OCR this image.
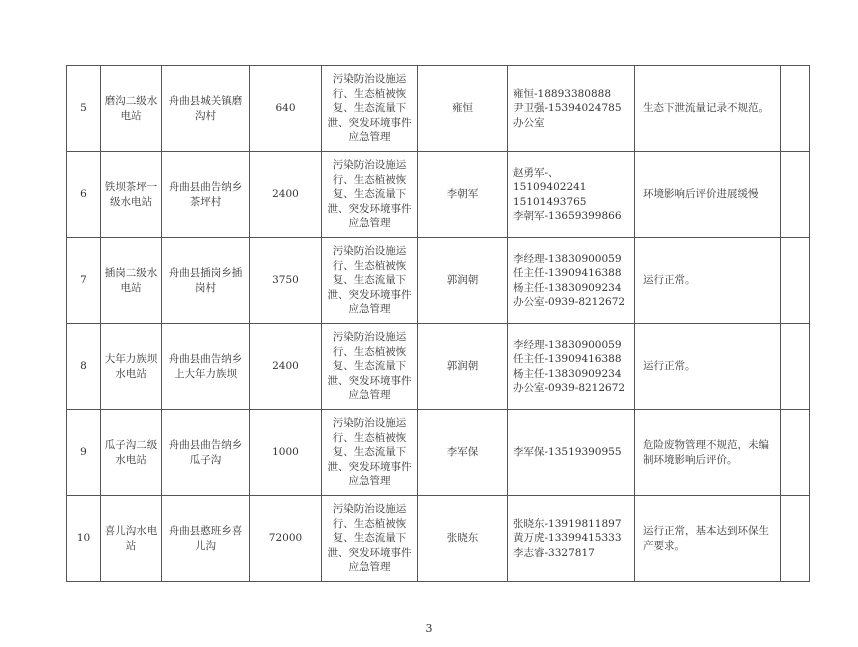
5	磨沟二级水电站	舟曲县城关镇磨沟村	640	污染防治设施运行、生态植被恢复、生态流量下泄、突发环境事件应急管理	雍恒	雍恒-18893380888
尹卫强-15394024785
办公室	生态下泄流量记录不规范。	

6	铁坝茶坪一级水电站	舟曲县曲告纳乡茶坪村	2400	污染防治设施运行、生态植被恢复、生态流量下泄、突发环境事件应急管理	李朝军	赵勇军-、
15109402241
15101493765
李朝军-13659399866	环境影响后评价进展缓慢	

7	插岗二级水电站	舟曲县插岗乡插岗村	3750	污染防治设施运行、生态植被恢复、生态流量下泄、突发环境事件应急管理	郭润朝	李经理-13830900059
任主任-13909416388
杨主任-13830909234
办公室-0939-8212672	运行正常。	

8	大年力族坝水电站	舟曲县曲告纳乡上大年力族坝	2400	污染防治设施运行、生态植被恢复、生态流量下泄、突发环境事件应急管理	郭润朝	李经理-13830900059
任主任-13909416388
杨主任-13830909234
办公室-0939-8212672	运行正常。	

9	瓜子沟二级水电站	舟曲县曲告纳乡瓜子沟	1000	污染防治设施运行、生态植被恢复、生态流量下泄、突发环境事件应急管理	李军保	李军保-13519390955	危险废物管理不规范，未编制环境影响后评价。	

10	喜儿沟水电站	舟曲县憨班乡喜儿沟	72000	污染防治设施运行、生态植被恢复、生态流量下泄、突发环境事件应急管理	张晓东	张晓东-13919811897
黄万虎-13399415333
李志睿-3327817	运行正常，基本达到环保生产要求。	

3
